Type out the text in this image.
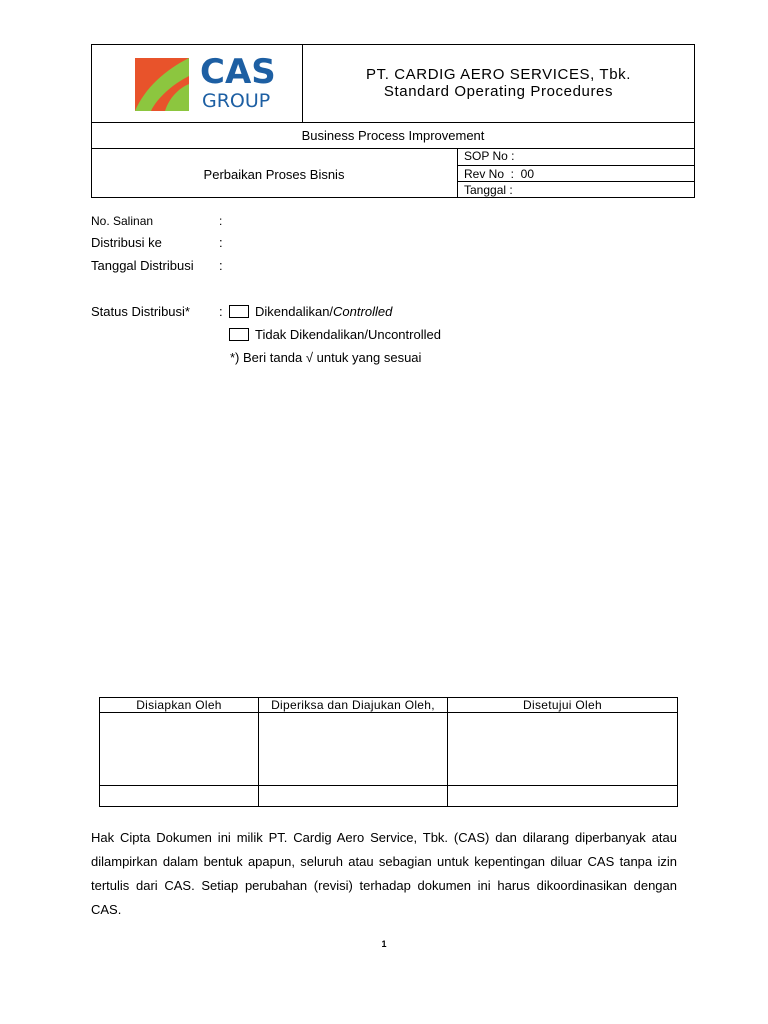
CAS
GROUP
PT. CARDIG AERO SERVICES, Tbk.
Standard Operating Procedures
Business Process Improvement
Perbaikan Proses Bisnis
SOP No :
Rev No  :  00
Tanggal :
No. Salinan	:
Distribusi ke	:
Tanggal Distribusi :
Status Distribusi* : Dikendalikan/Controlled
Tidak Dikendalikan/Uncontrolled
*) Beri tanda √ untuk yang sesuai
Disiapkan Oleh	Diperiksa dan Diajukan Oleh,	Disetujui Oleh

Hak Cipta Dokumen ini milik PT. Cardig Aero Service, Tbk. (CAS) dan dilarang diperbanyak atau dilampirkan dalam bentuk apapun, seluruh atau sebagian untuk kepentingan diluar CAS tanpa izin tertulis dari CAS. Setiap perubahan (revisi) terhadap dokumen ini harus dikoordinasikan dengan CAS.
1
